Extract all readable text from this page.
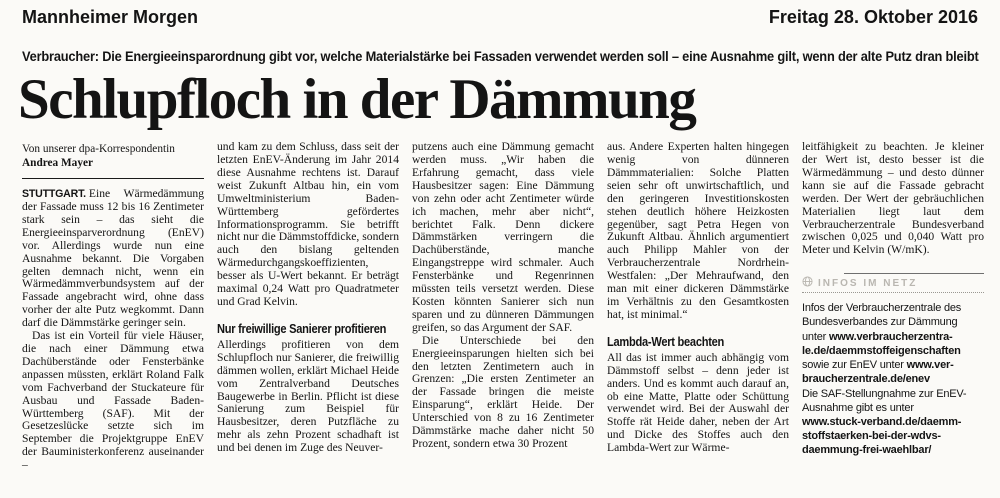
Mannheimer Morgen	Freitag 28. Oktober 2016
Verbraucher: Die Energieeinsparordnung gibt vor, welche Materialstärke bei Fassaden verwendet werden soll – eine Ausnahme gilt, wenn der alte Putz dran bleibt
Schlupfloch in der Dämmung
Von unserer dpa-Korrespondentin
Andrea Mayer

STUTTGART. Eine Wärmedämmung der Fassade muss 12 bis 16 Zentimeter stark sein – das sieht die Energieeinsparverordnung (EnEV) vor. Allerdings wurde nun eine Ausnahme bekannt. Die Vorgaben gelten demnach nicht, wenn ein Wärmedämmverbundsystem auf der Fassade angebracht wird, ohne dass vorher der alte Putz wegkommt. Dann darf die Dämmstärke geringer sein.

Das ist ein Vorteil für viele Häuser, die nach einer Dämmung etwa Dachüberstände oder Fensterbänke anpassen müssten, erklärt Roland Falk vom Fachverband der Stuckateure für Ausbau und Fassade Baden-Württemberg (SAF). Mit der Gesetzeslücke setzte sich im September die Projektgruppe EnEV der Bauministerkonferenz auseinander –

und kam zu dem Schluss, dass seit der letzten EnEV-Änderung im Jahr 2014 diese Ausnahme rechtens ist. Darauf weist Zukunft Altbau hin, ein vom Umweltministerium Baden-Württemberg gefördertes Informationsprogramm. Sie betrifft nicht nur die Dämmstoffdicke, sondern auch den bislang geltenden Wärmedurchgangskoeffizienten, besser als U-Wert bekannt. Er beträgt maximal 0,24 Watt pro Quadratmeter und Grad Kelvin.

Nur freiwillige Sanierer profitieren

Allerdings profitieren von dem Schlupfloch nur Sanierer, die freiwillig dämmen wollen, erklärt Michael Heide vom Zentralverband Deutsches Baugewerbe in Berlin. Pflicht ist diese Sanierung zum Beispiel für Hausbesitzer, deren Putzfläche zu mehr als zehn Prozent schadhaft ist und bei denen im Zuge des Neuver-

putzens auch eine Dämmung gemacht werden muss. „Wir haben die Erfahrung gemacht, dass viele Hausbesitzer sagen: Eine Dämmung von zehn oder acht Zentimeter würde ich machen, mehr aber nicht“, berichtet Falk. Denn dickere Dämmstärken verringern die Dachüberstände, manche Eingangstreppe wird schmaler. Auch Fensterbänke und Regenrinnen müssten teils versetzt werden. Diese Kosten könnten Sanierer sich nun sparen und zu dünneren Dämmungen greifen, so das Argument der SAF.

Die Unterschiede bei den Energieeinsparungen hielten sich bei den letzten Zentimetern auch in Grenzen: „Die ersten Zentimeter an der Fassade bringen die meiste Einsparung“, erklärt Heide. Der Unterschied von 8 zu 16 Zentimeter Dämmstärke mache daher nicht 50 Prozent, sondern etwa 30 Prozent

aus. Andere Experten halten hingegen wenig von dünneren Dämmmaterialien: Solche Platten seien sehr oft unwirtschaftlich, und den geringeren Investitionskosten stehen deutlich höhere Heizkosten gegenüber, sagt Petra Hegen von Zukunft Altbau. Ähnlich argumentiert auch Philipp Mahler von der Verbraucherzentrale Nordrhein-Westfalen: „Der Mehraufwand, den man mit einer dickeren Dämmstärke im Verhältnis zu den Gesamtkosten hat, ist minimal.“

Lambda-Wert beachten

All das ist immer auch abhängig vom Dämmstoff selbst – denn jeder ist anders. Und es kommt auch darauf an, ob eine Matte, Platte oder Schüttung verwendet wird. Bei der Auswahl der Stoffe rät Heide daher, neben der Art und Dicke des Stoffes auch den Lambda-Wert zur Wärme-

leitfähigkeit zu beachten. Je kleiner der Wert ist, desto besser ist die Wärmedämmung – und desto dünner kann sie auf die Fassade gebracht werden. Der Wert der gebräuchlichen Materialien liegt laut dem Verbraucherzentrale Bundesverband zwischen 0,025 und 0,040 Watt pro Meter und Kelvin (W/mK).

INFOS IM NETZ
Infos der Verbraucherzentrale des
Bundesverbandes zur Dämmung
unter www.verbraucherzentra-
le.de/daemmstoffeigenschaften
sowie zur EnEV unter www.ver-
braucherzentrale.de/enev
Die SAF-Stellungnahme zur EnEV-
Ausnahme gibt es unter
www.stuck-verband.de/daemm-
stoffstaerken-bei-der-wdvs-
daemmung-frei-waehlbar/
